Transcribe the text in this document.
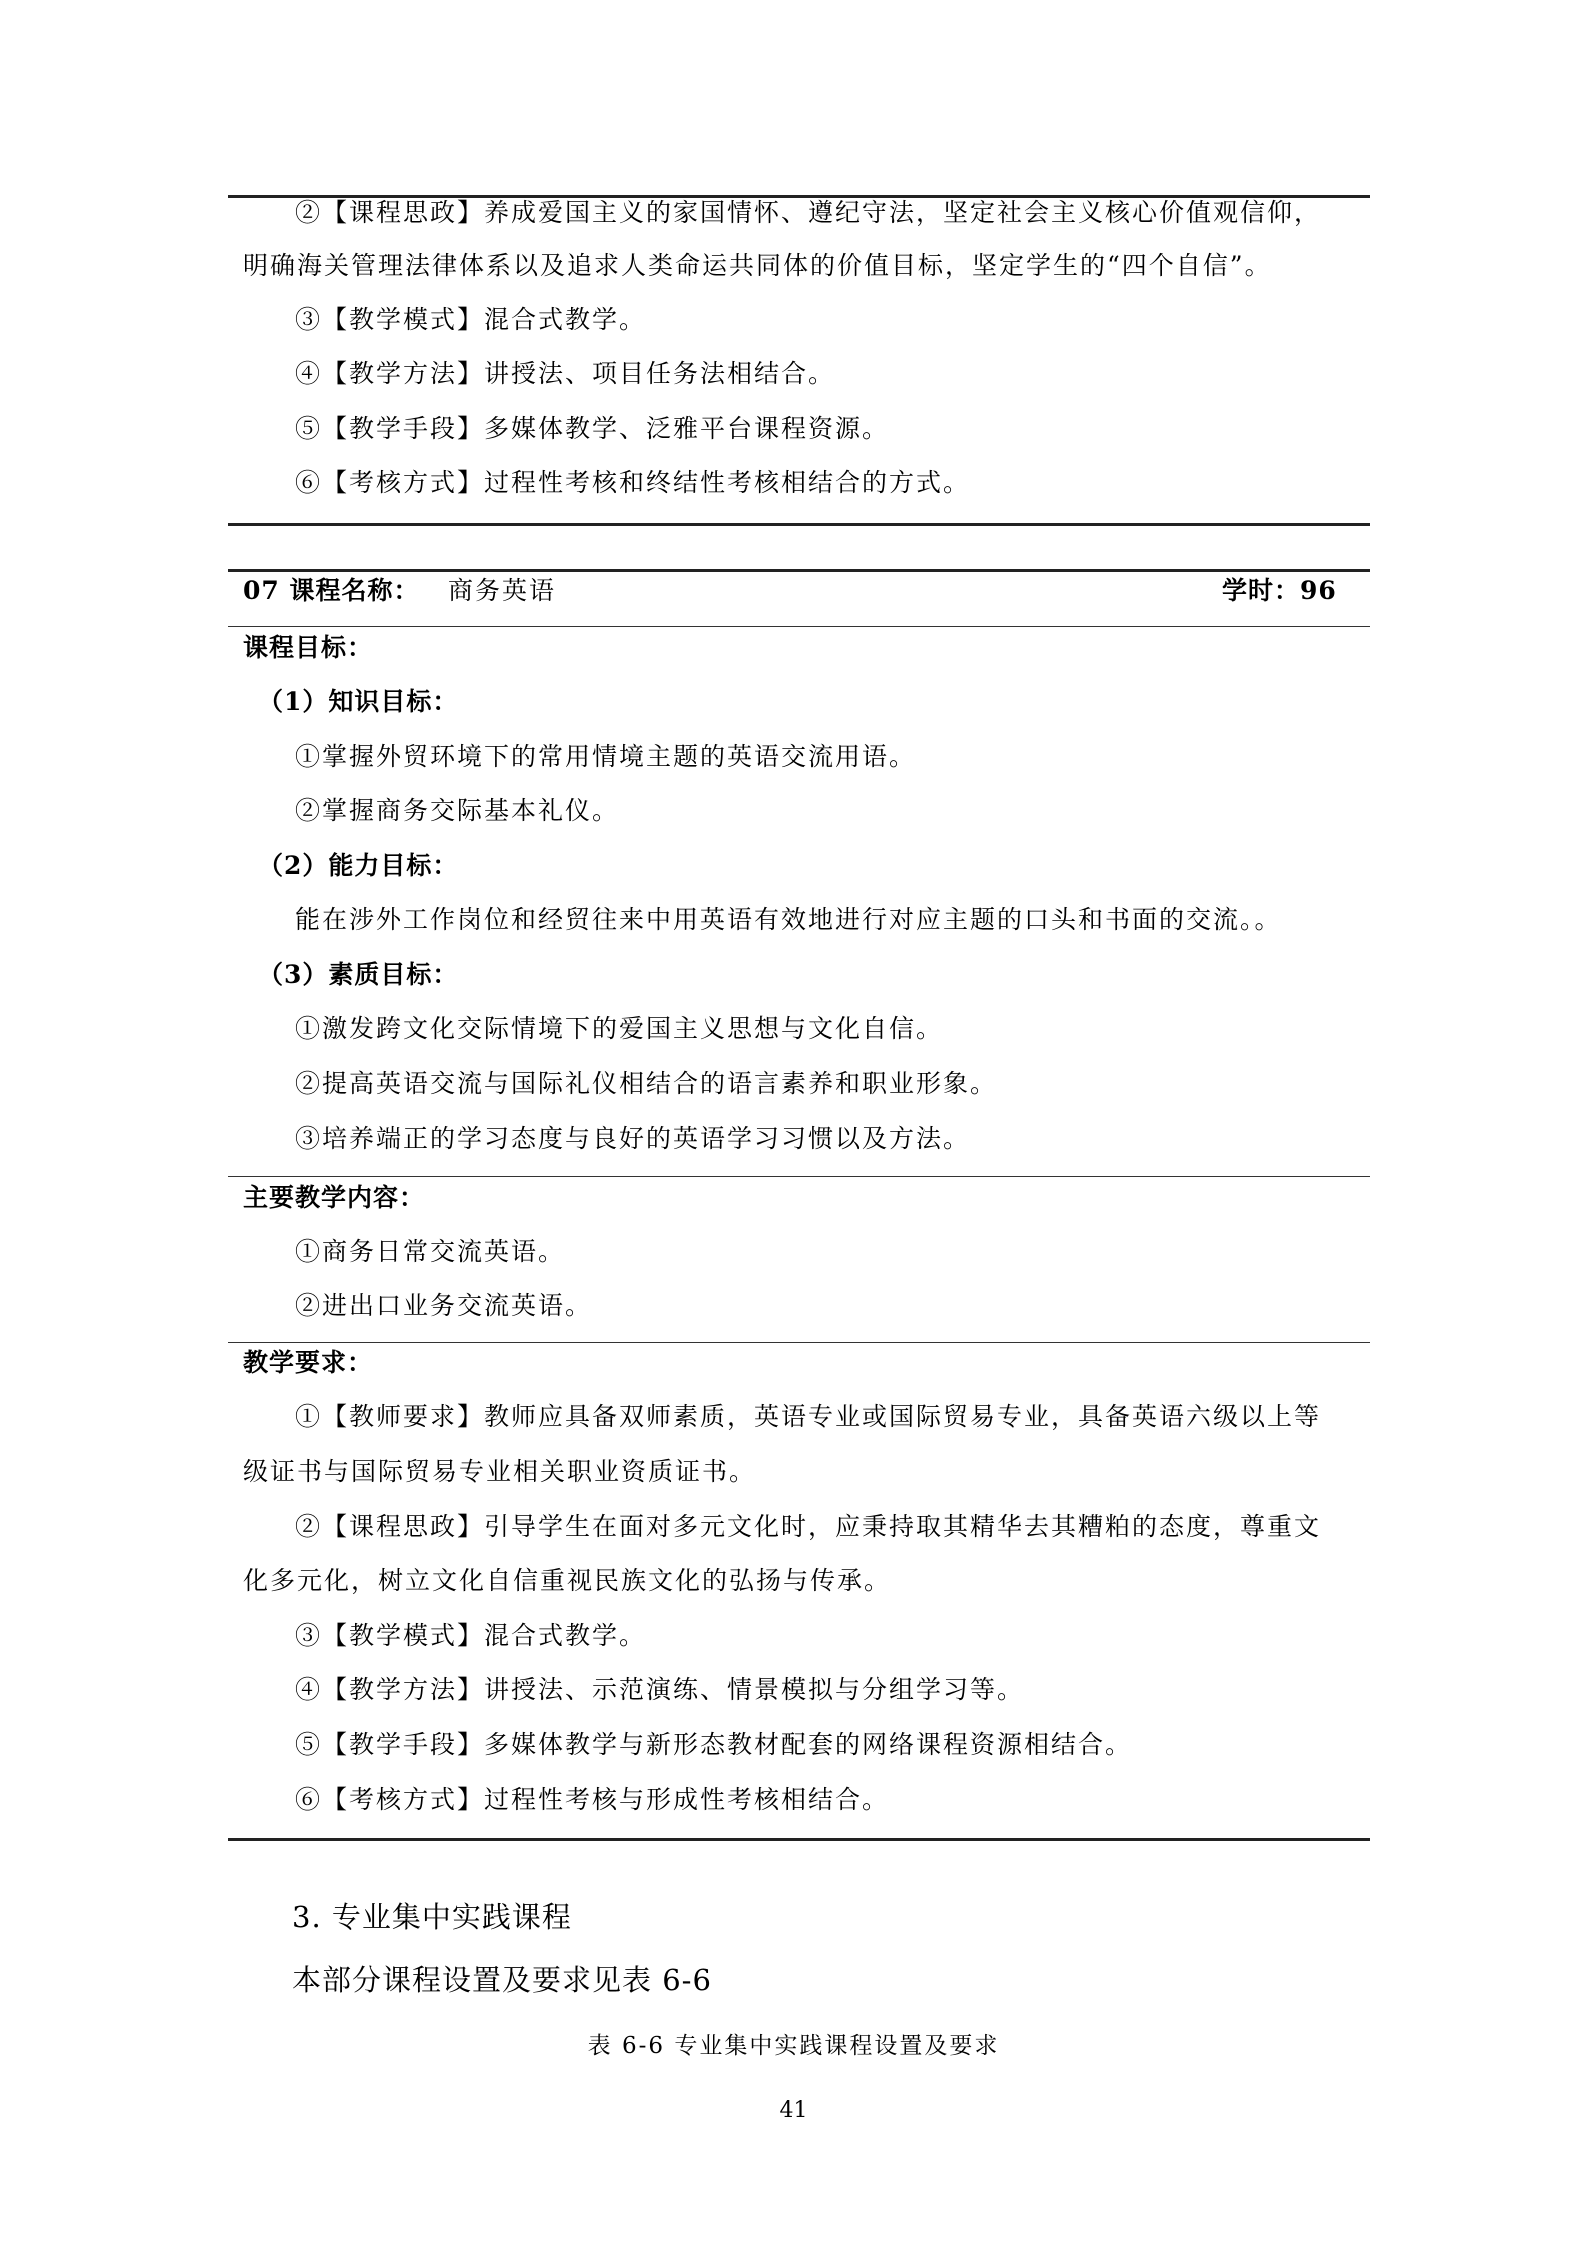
②【课程思政】养成爱国主义的家国情怀、遵纪守法，坚定社会主义核心价值观信仰，
明确海关管理法律体系以及追求人类命运共同体的价值目标，坚定学生的“四个自信”。
③【教学模式】混合式教学。
④【教学方法】讲授法、项目任务法相结合。
⑤【教学手段】多媒体教学、泛雅平台课程资源。
⑥【考核方式】过程性考核和终结性考核相结合的方式。
07 课程名称： 商务英语	学时：96
课程目标：
（1）知识目标：
①掌握外贸环境下的常用情境主题的英语交流用语。
②掌握商务交际基本礼仪。
（2）能力目标：
能在涉外工作岗位和经贸往来中用英语有效地进行对应主题的口头和书面的交流。。
（3）素质目标：
①激发跨文化交际情境下的爱国主义思想与文化自信。
②提高英语交流与国际礼仪相结合的语言素养和职业形象。
③培养端正的学习态度与良好的英语学习习惯以及方法。
主要教学内容：
①商务日常交流英语。
②进出口业务交流英语。
教学要求：
①【教师要求】教师应具备双师素质，英语专业或国际贸易专业，具备英语六级以上等
级证书与国际贸易专业相关职业资质证书。
②【课程思政】引导学生在面对多元文化时，应秉持取其精华去其糟粕的态度，尊重文
化多元化，树立文化自信重视民族文化的弘扬与传承。
③【教学模式】混合式教学。
④【教学方法】讲授法、示范演练、情景模拟与分组学习等。
⑤【教学手段】多媒体教学与新形态教材配套的网络课程资源相结合。
⑥【考核方式】过程性考核与形成性考核相结合。
3. 专业集中实践课程
本部分课程设置及要求见表 6-6
表 6-6 专业集中实践课程设置及要求
41
